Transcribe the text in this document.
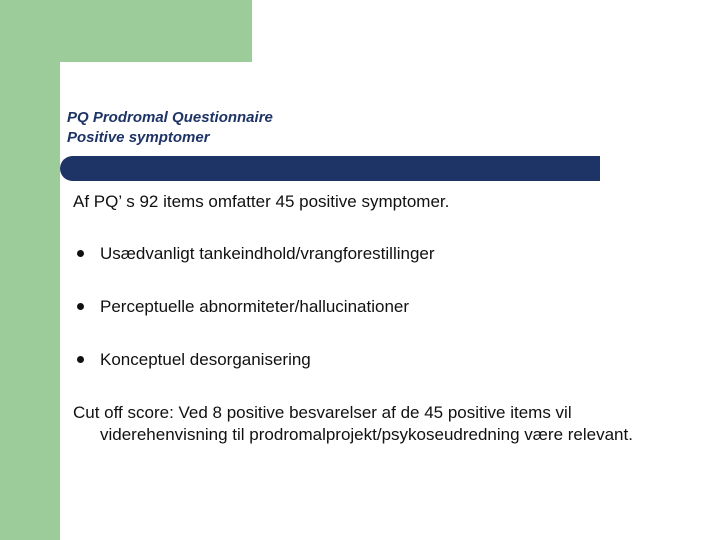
PQ Prodromal Questionnaire
Positive symptomer
Af PQ’ s 92 items omfatter 45 positive symptomer.
Usædvanligt tankeindhold/vrangforestillinger
Perceptuelle abnormiteter/hallucinationer
Konceptuel desorganisering

Cut off score: Ved 8 positive besvarelser af de 45 positive items vil viderehenvisning til prodromalprojekt/psykoseudredning være relevant.
